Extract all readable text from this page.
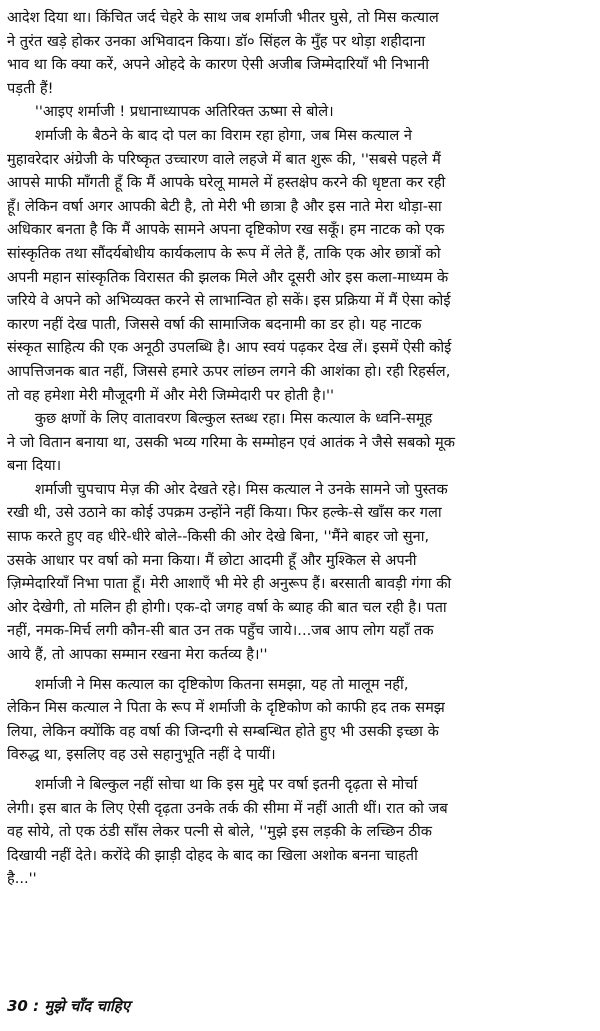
आदेश दिया था। किंचित जर्द चेहरे के साथ जब शर्माजी भीतर घुसे, तो मिस कत्याल
ने तुरंत खड़े होकर उनका अभिवादन किया। डॉ० सिंहल के मुँह पर थोड़ा शहीदाना
भाव था कि क्या करें, अपने ओहदे के कारण ऐसी अजीब जिम्मेदारियाँ भी निभानी
पड़ती हैं!
''आइए शर्माजी ! प्रधानाध्यापक अतिरिक्त ऊष्मा से बोले।
शर्माजी के बैठने के बाद दो पल का विराम रहा होगा, जब मिस कत्याल ने
मुहावरेदार अंग्रेजी के परिष्कृत उच्चारण वाले लहजे में बात शुरू की, ''सबसे पहले मैं
आपसे माफी माँगती हूँ कि मैं आपके घरेलू मामले में हस्तक्षेप करने की धृष्टता कर रही
हूँ। लेकिन वर्षा अगर आपकी बेटी है, तो मेरी भी छात्रा है और इस नाते मेरा थोड़ा-सा
अधिकार बनता है कि मैं आपके सामने अपना दृष्टिकोण रख सकूँ। हम नाटक को एक
सांस्कृतिक तथा सौंदर्यबोधीय कार्यकलाप के रूप में लेते हैं, ताकि एक ओर छात्रों को
अपनी महान सांस्कृतिक विरासत की झलक मिले और दूसरी ओर इस कला-माध्यम के
जरिये वे अपने को अभिव्यक्त करने से लाभान्वित हो सकें। इस प्रक्रिया में मैं ऐसा कोई
कारण नहीं देख पाती, जिससे वर्षा की सामाजिक बदनामी का डर हो। यह नाटक
संस्कृत साहित्य की एक अनूठी उपलब्धि है। आप स्वयं पढ़कर देख लें। इसमें ऐसी कोई
आपत्तिजनक बात नहीं, जिससे हमारे ऊपर लांछन लगने की आशंका हो। रही रिहर्सल,
तो वह हमेशा मेरी मौजूदगी में और मेरी जिम्मेदारी पर होती है।''
कुछ क्षणों के लिए वातावरण बिल्कुल स्तब्ध रहा। मिस कत्याल के ध्वनि-समूह
ने जो वितान बनाया था, उसकी भव्य गरिमा के सम्मोहन एवं आतंक ने जैसे सबको मूक
बना दिया।
शर्माजी चुपचाप मेज़ की ओर देखते रहे। मिस कत्याल ने उनके सामने जो पुस्तक
रखी थी, उसे उठाने का कोई उपक्रम उन्होंने नहीं किया। फिर हल्के-से खाँस कर गला
साफ करते हुए वह धीरे-धीरे बोले--किसी की ओर देखे बिना, ''मैंने बाहर जो सुना,
उसके आधार पर वर्षा को मना किया। मैं छोटा आदमी हूँ और मुश्किल से अपनी
ज़िम्मेदारियाँ निभा पाता हूँ। मेरी आशाएँ भी मेरे ही अनुरूप हैं। बरसाती बावड़ी गंगा की
ओर देखेगी, तो मलिन ही होगी। एक-दो जगह वर्षा के ब्याह की बात चल रही है। पता
नहीं, नमक-मिर्च लगी कौन-सी बात उन तक पहुँच जाये।...जब आप लोग यहाँ तक
आये हैं, तो आपका सम्मान रखना मेरा कर्तव्य है।''
शर्माजी ने मिस कत्याल का दृष्टिकोण कितना समझा, यह तो मालूम नहीं,
लेकिन मिस कत्याल ने पिता के रूप में शर्माजी के दृष्टिकोण को काफी हद तक समझ
लिया, लेकिन क्योंकि वह वर्षा की जिन्दगी से सम्बन्धित होते हुए भी उसकी इच्छा के
विरुद्ध था, इसलिए वह उसे सहानुभूति नहीं दे पायीं।
शर्माजी ने बिल्कुल नहीं सोचा था कि इस मुद्दे पर वर्षा इतनी दृढ़ता से मोर्चा
लेगी। इस बात के लिए ऐसी दृढ़ता उनके तर्क की सीमा में नहीं आती थीं। रात को जब
वह सोये, तो एक ठंडी साँस लेकर पत्नी से बोले, ''मुझे इस लड़की के लच्छिन ठीक
दिखायी नहीं देते। करोंदे की झाड़ी दोहद के बाद का खिला अशोक बनना चाहती
है...''
30 : मुझे चाँद चाहिए
